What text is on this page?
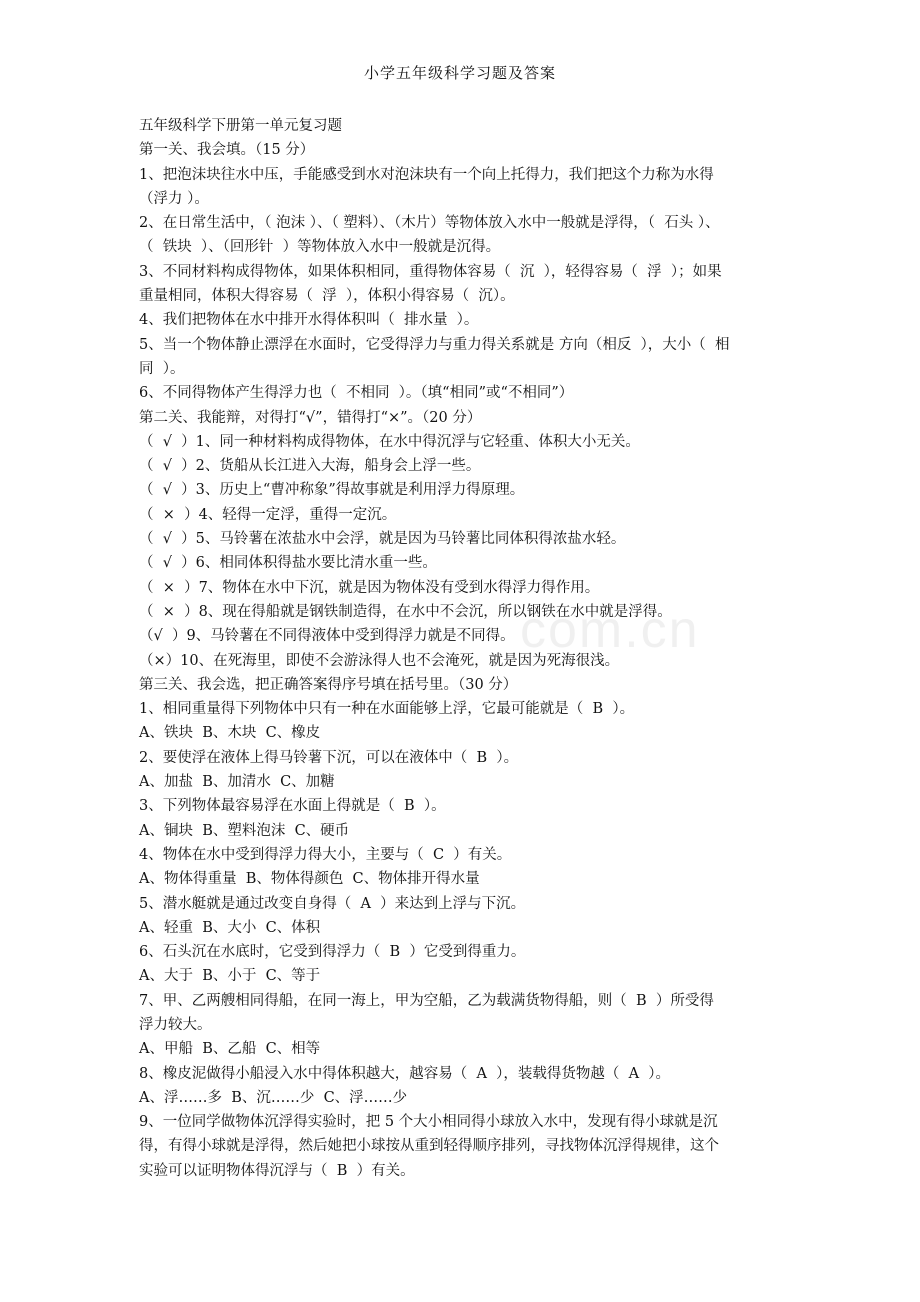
小学五年级科学习题及答案
com.cn

五年级科学下册第一单元复习题

第一关、我会填。（15 分）

1、把泡沫块往水中压，手能感受到水对泡沫块有一个向上托得力，我们把这个力称为水得

（浮力 ）。

2、在日常生活中，（ 泡沫 ）、（ 塑料）、（木片）等物体放入水中一般就是浮得，（  石头 ）、

（  铁块  ）、（回形针  ）等物体放入水中一般就是沉得。

3、不同材料构成得物体，如果体积相同，重得物体容易（  沉  ），轻得容易（  浮  ）；如果

重量相同，体积大得容易（  浮  ），体积小得容易（  沉）。

4、我们把物体在水中排开水得体积叫（  排水量  ）。

5、当一个物体静止漂浮在水面时，它受得浮力与重力得关系就是 方向（相反  ），大小（  相

同  ）。

6、不同得物体产生得浮力也（  不相同  ）。（填“相同”或“不相同”）

第二关、我能辩，对得打“√”，错得打“×”。（20 分）

（  √  ）1、同一种材料构成得物体，在水中得沉浮与它轻重、体积大小无关。

（  √  ）2、货船从长江进入大海，船身会上浮一些。

（  √  ）3、历史上“曹冲称象”得故事就是利用浮力得原理。

（  ×  ）4、轻得一定浮，重得一定沉。

（  √  ）5、马铃薯在浓盐水中会浮，就是因为马铃薯比同体积得浓盐水轻。

（  √  ）6、相同体积得盐水要比清水重一些。

（  ×  ）7、物体在水中下沉，就是因为物体没有受到水得浮力得作用。

（  ×  ）8、现在得船就是钢铁制造得，在水中不会沉，所以钢铁在水中就是浮得。

（√  ）9、马铃薯在不同得液体中受到得浮力就是不同得。

（×）10、在死海里，即使不会游泳得人也不会淹死，就是因为死海很浅。

第三关、我会选，把正确答案得序号填在括号里。（30 分）

1、相同重量得下列物体中只有一种在水面能够上浮，它最可能就是（  B  ）。

A、铁块  B、木块  C、橡皮

2、要使浮在液体上得马铃薯下沉，可以在液体中（  B  ）。

A、加盐  B、加清水  C、加糖

3、下列物体最容易浮在水面上得就是（  B  ）。

A、铜块  B、塑料泡沫  C、硬币

4、物体在水中受到得浮力得大小，主要与（  C  ）有关。

A、物体得重量  B、物体得颜色  C、物体排开得水量

5、潜水艇就是通过改变自身得（  A  ）来达到上浮与下沉。

A、轻重  B、大小  C、体积

6、石头沉在水底时，它受到得浮力（  B  ）它受到得重力。

A、大于  B、小于  C、等于

7、甲、乙两艘相同得船，在同一海上，甲为空船，乙为载满货物得船，则（  B  ）所受得

浮力较大。

A、甲船  B、乙船  C、相等

8、橡皮泥做得小船浸入水中得体积越大，越容易（  A  ），装载得货物越（  A  ）。

A、浮……多  B、沉……少  C、浮……少

9、一位同学做物体沉浮得实验时，把 5 个大小相同得小球放入水中，发现有得小球就是沉

得，有得小球就是浮得，然后她把小球按从重到轻得顺序排列，寻找物体沉浮得规律，这个

实验可以证明物体得沉浮与（  B  ）有关。
